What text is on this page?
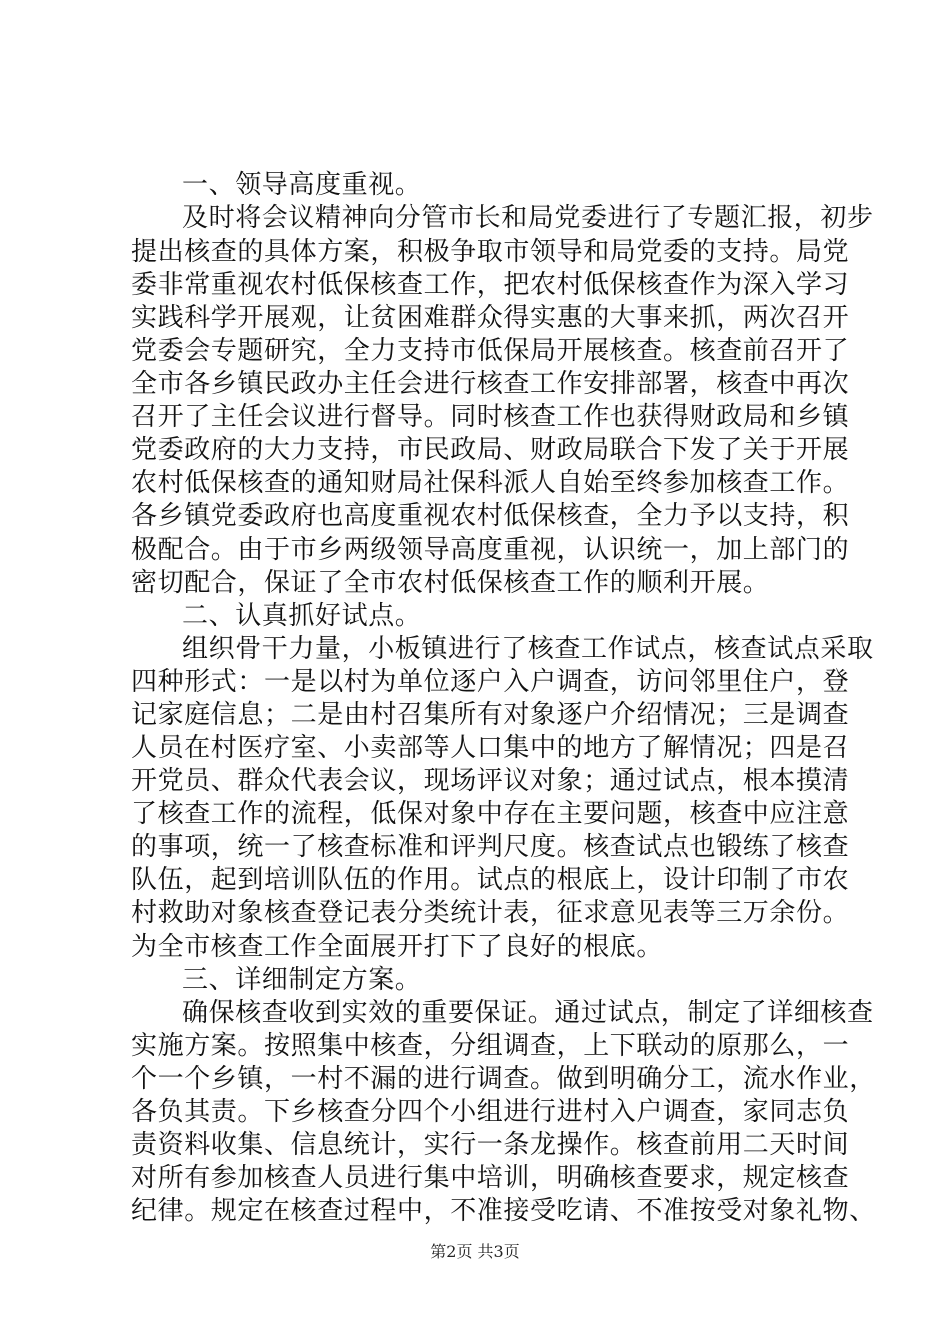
一、领导高度重视。
及时将会议精神向分管市长和局党委进行了专题汇报，初步
提出核查的具体方案，积极争取市领导和局党委的支持。局党
委非常重视农村低保核查工作，把农村低保核查作为深入学习
实践科学开展观，让贫困难群众得实惠的大事来抓，两次召开
党委会专题研究，全力支持市低保局开展核查。核查前召开了
全市各乡镇民政办主任会进行核查工作安排部署，核查中再次
召开了主任会议进行督导。同时核查工作也获得财政局和乡镇
党委政府的大力支持，市民政局、财政局联合下发了关于开展
农村低保核查的通知财局社保科派人自始至终参加核查工作。
各乡镇党委政府也高度重视农村低保核查，全力予以支持，积
极配合。由于市乡两级领导高度重视，认识统一，加上部门的
密切配合，保证了全市农村低保核查工作的顺利开展。
二、认真抓好试点。
组织骨干力量，小板镇进行了核查工作试点，核查试点采取
四种形式：一是以村为单位逐户入户调查，访问邻里住户，登
记家庭信息；二是由村召集所有对象逐户介绍情况；三是调查
人员在村医疗室、小卖部等人口集中的地方了解情况；四是召
开党员、群众代表会议，现场评议对象；通过试点，根本摸清
了核查工作的流程，低保对象中存在主要问题，核查中应注意
的事项，统一了核查标准和评判尺度。核查试点也锻练了核查
队伍，起到培训队伍的作用。试点的根底上，设计印制了市农
村救助对象核查登记表分类统计表，征求意见表等三万余份。
为全市核查工作全面展开打下了良好的根底。
三、详细制定方案。
确保核查收到实效的重要保证。通过试点，制定了详细核查
实施方案。按照集中核查，分组调查，上下联动的原那么，一
个一个乡镇，一村不漏的进行调查。做到明确分工，流水作业，
各负其责。下乡核查分四个小组进行进村入户调查，家同志负
责资料收集、信息统计，实行一条龙操作。核查前用二天时间
对所有参加核查人员进行集中培训，明确核查要求，规定核查
纪律。规定在核查过程中，不准接受吃请、不准按受对象礼物、
第2页 共3页
